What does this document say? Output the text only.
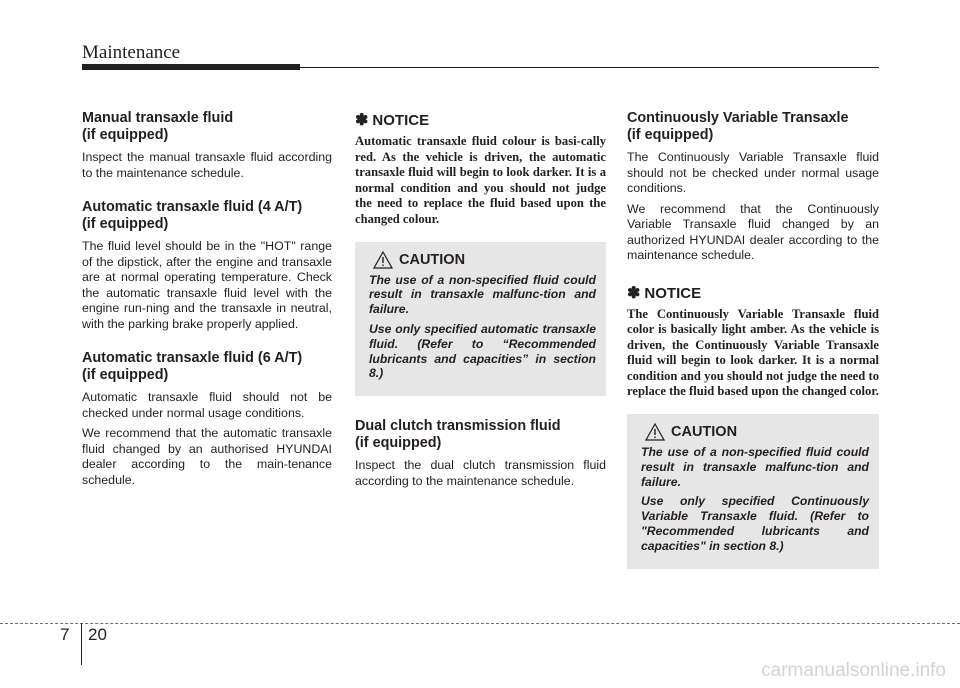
Maintenance
Manual transaxle fluid
(if equipped)

Inspect the manual transaxle fluid according to the maintenance schedule.

Automatic transaxle fluid (4 A/T)
(if equipped)

The fluid level should be in the "HOT" range of the dipstick, after the engine and transaxle are at normal operating temperature. Check the automatic transaxle fluid level with the engine run-ning and the transaxle in neutral, with the parking brake properly applied.

Automatic transaxle fluid (6 A/T)
(if equipped)

Automatic transaxle fluid should not be checked under normal usage conditions.

We recommend that the automatic transaxle fluid changed by an authorised HYUNDAI dealer according to the main-tenance schedule.

✽ NOTICE

Automatic transaxle fluid colour is basi-cally red. As the vehicle is driven, the automatic transaxle fluid will begin to look darker. It is a normal condition and you should not judge the need to replace the fluid based upon the changed colour.

CAUTION

The use of a non-specified fluid could result in transaxle malfunc-tion and failure.

Use only specified automatic transaxle fluid. (Refer to “Recommended lubricants and capacities” in section 8.)

Dual clutch transmission fluid
(if equipped)

Inspect the dual clutch transmission fluid according to the maintenance schedule.

Continuously Variable Transaxle
(if equipped)

The Continuously Variable Transaxle fluid should not be checked under normal usage conditions.

We recommend that the Continuously Variable Transaxle fluid changed by an authorized HYUNDAI dealer according to the maintenance schedule.

✽ NOTICE

The Continuously Variable Transaxle fluid color is basically light amber. As the vehicle is driven, the Continuously Variable Transaxle fluid will begin to look darker. It is a normal condition and you should not judge the need to replace the fluid based upon the changed color.

CAUTION

The use of a non-specified fluid could result in transaxle malfunc-tion and failure.

Use only specified Continuously Variable Transaxle fluid. (Refer to "Recommended lubricants and capacities" in section 8.)

7 20
carmanualsonline.info
